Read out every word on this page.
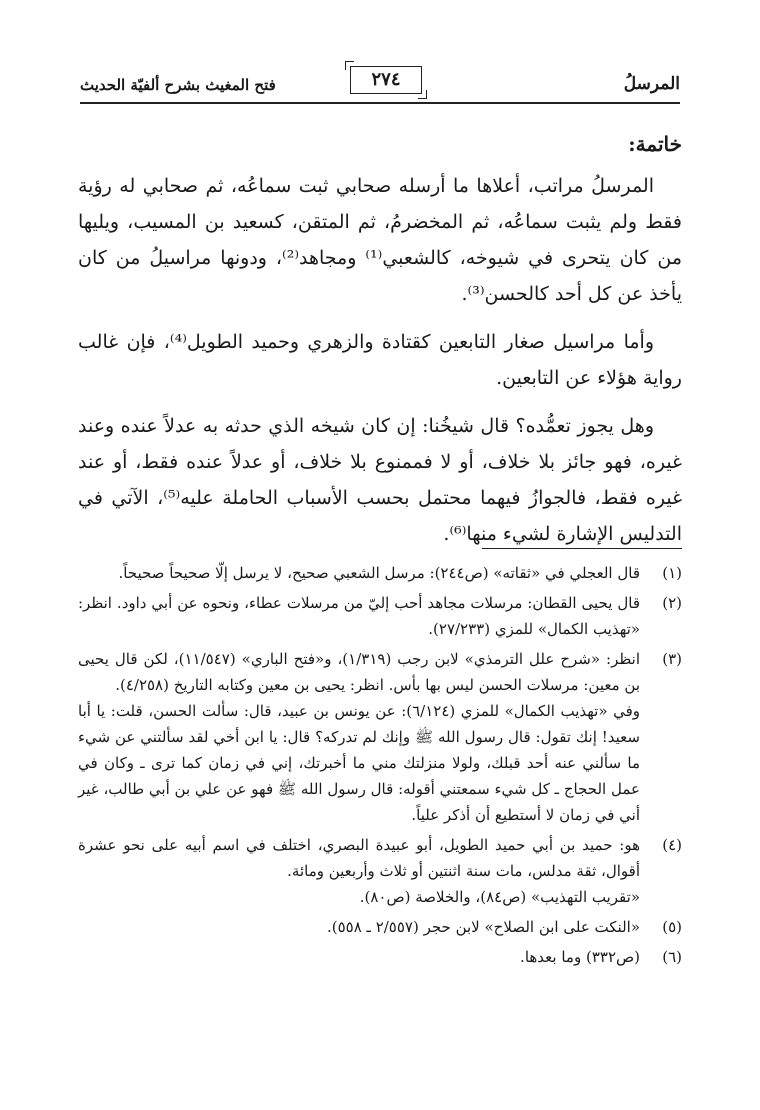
المرسلُ
٢٧٤
فتح المغيث بشرح ألفيّة الحديث
خاتمة:

المرسلُ مراتب، أعلاها ما أرسله صحابي ثبت سماعُه، ثم صحابي له رؤية فقط ولم يثبت سماعُه، ثم المخضرمُ، ثم المتقن، كسعيد بن المسيب، ويليها من كان يتحرى في شيوخه، كالشعبي⁽¹⁾ ومجاهد⁽²⁾، ودونها مراسيلُ من كان يأخذ عن كل أحد كالحسن⁽³⁾.

وأما مراسيل صغار التابعين كقتادة والزهري وحميد الطويل⁽⁴⁾، فإن غالب رواية هؤلاء عن التابعين.

وهل يجوز تعمُّده؟ قال شيخُنا: إن كان شيخه الذي حدثه به عدلاً عنده وعند غيره، فهو جائز بلا خلاف، أو لا فممنوع بلا خلاف، أو عدلاً عنده فقط، أو عند غيره فقط، فالجوازُ فيهما محتمل بحسب الأسباب الحاملة عليه⁽⁵⁾، الآتي في التدليس الإشارة لشيء منها⁽⁶⁾.

(١)
قال العجلي في «ثقاته» (ص٢٤٤): مرسل الشعبي صحيح، لا يرسل إلّا صحيحاً صحيحاً.
(٢)
قال يحيى القطان: مرسلات مجاهد أحب إليّ من مرسلات عطاء، ونحوه عن أبي داود. انظر: «تهذيب الكمال» للمزي (٢٧/٢٣٣).
(٣)
انظر: «شرح علل الترمذي» لابن رجب (١/٣١٩)، و«فتح الباري» (١١/٥٤٧)، لكن قال يحيى بن معين: مرسلات الحسن ليس بها بأس. انظر: يحيى بن معين وكتابه التاريخ (٤/٢٥٨).
وفي «تهذيب الكمال» للمزي (٦/١٢٤): عن يونس بن عبيد، قال: سألت الحسن، قلت: يا أبا سعيد! إنك تقول: قال رسول الله ﷺ وإنك لم تدركه؟ قال: يا ابن أخي لقد سألتني عن شيء ما سألني عنه أحد قبلك، ولولا منزلتك مني ما أخبرتك، إني في زمان كما ترى ـ وكان في عمل الحجاج ـ كل شيء سمعتني أقوله: قال رسول الله ﷺ فهو عن علي بن أبي طالب، غير أني في زمان لا أستطيع أن أذكر علياً.
(٤)
هو: حميد بن أبي حميد الطويل، أبو عبيدة البصري، اختلف في اسم أبيه على نحو عشرة أقوال، ثقة مدلس، مات سنة اثنتين أو ثلاث وأربعين ومائة.
«تقريب التهذيب» (ص٨٤)، والخلاصة (ص٨٠).
(٥)
«النكت على ابن الصلاح» لابن حجر (٢/٥٥٧ ـ ٥٥٨).
(٦)
(ص٣٣٢) وما بعدها.
